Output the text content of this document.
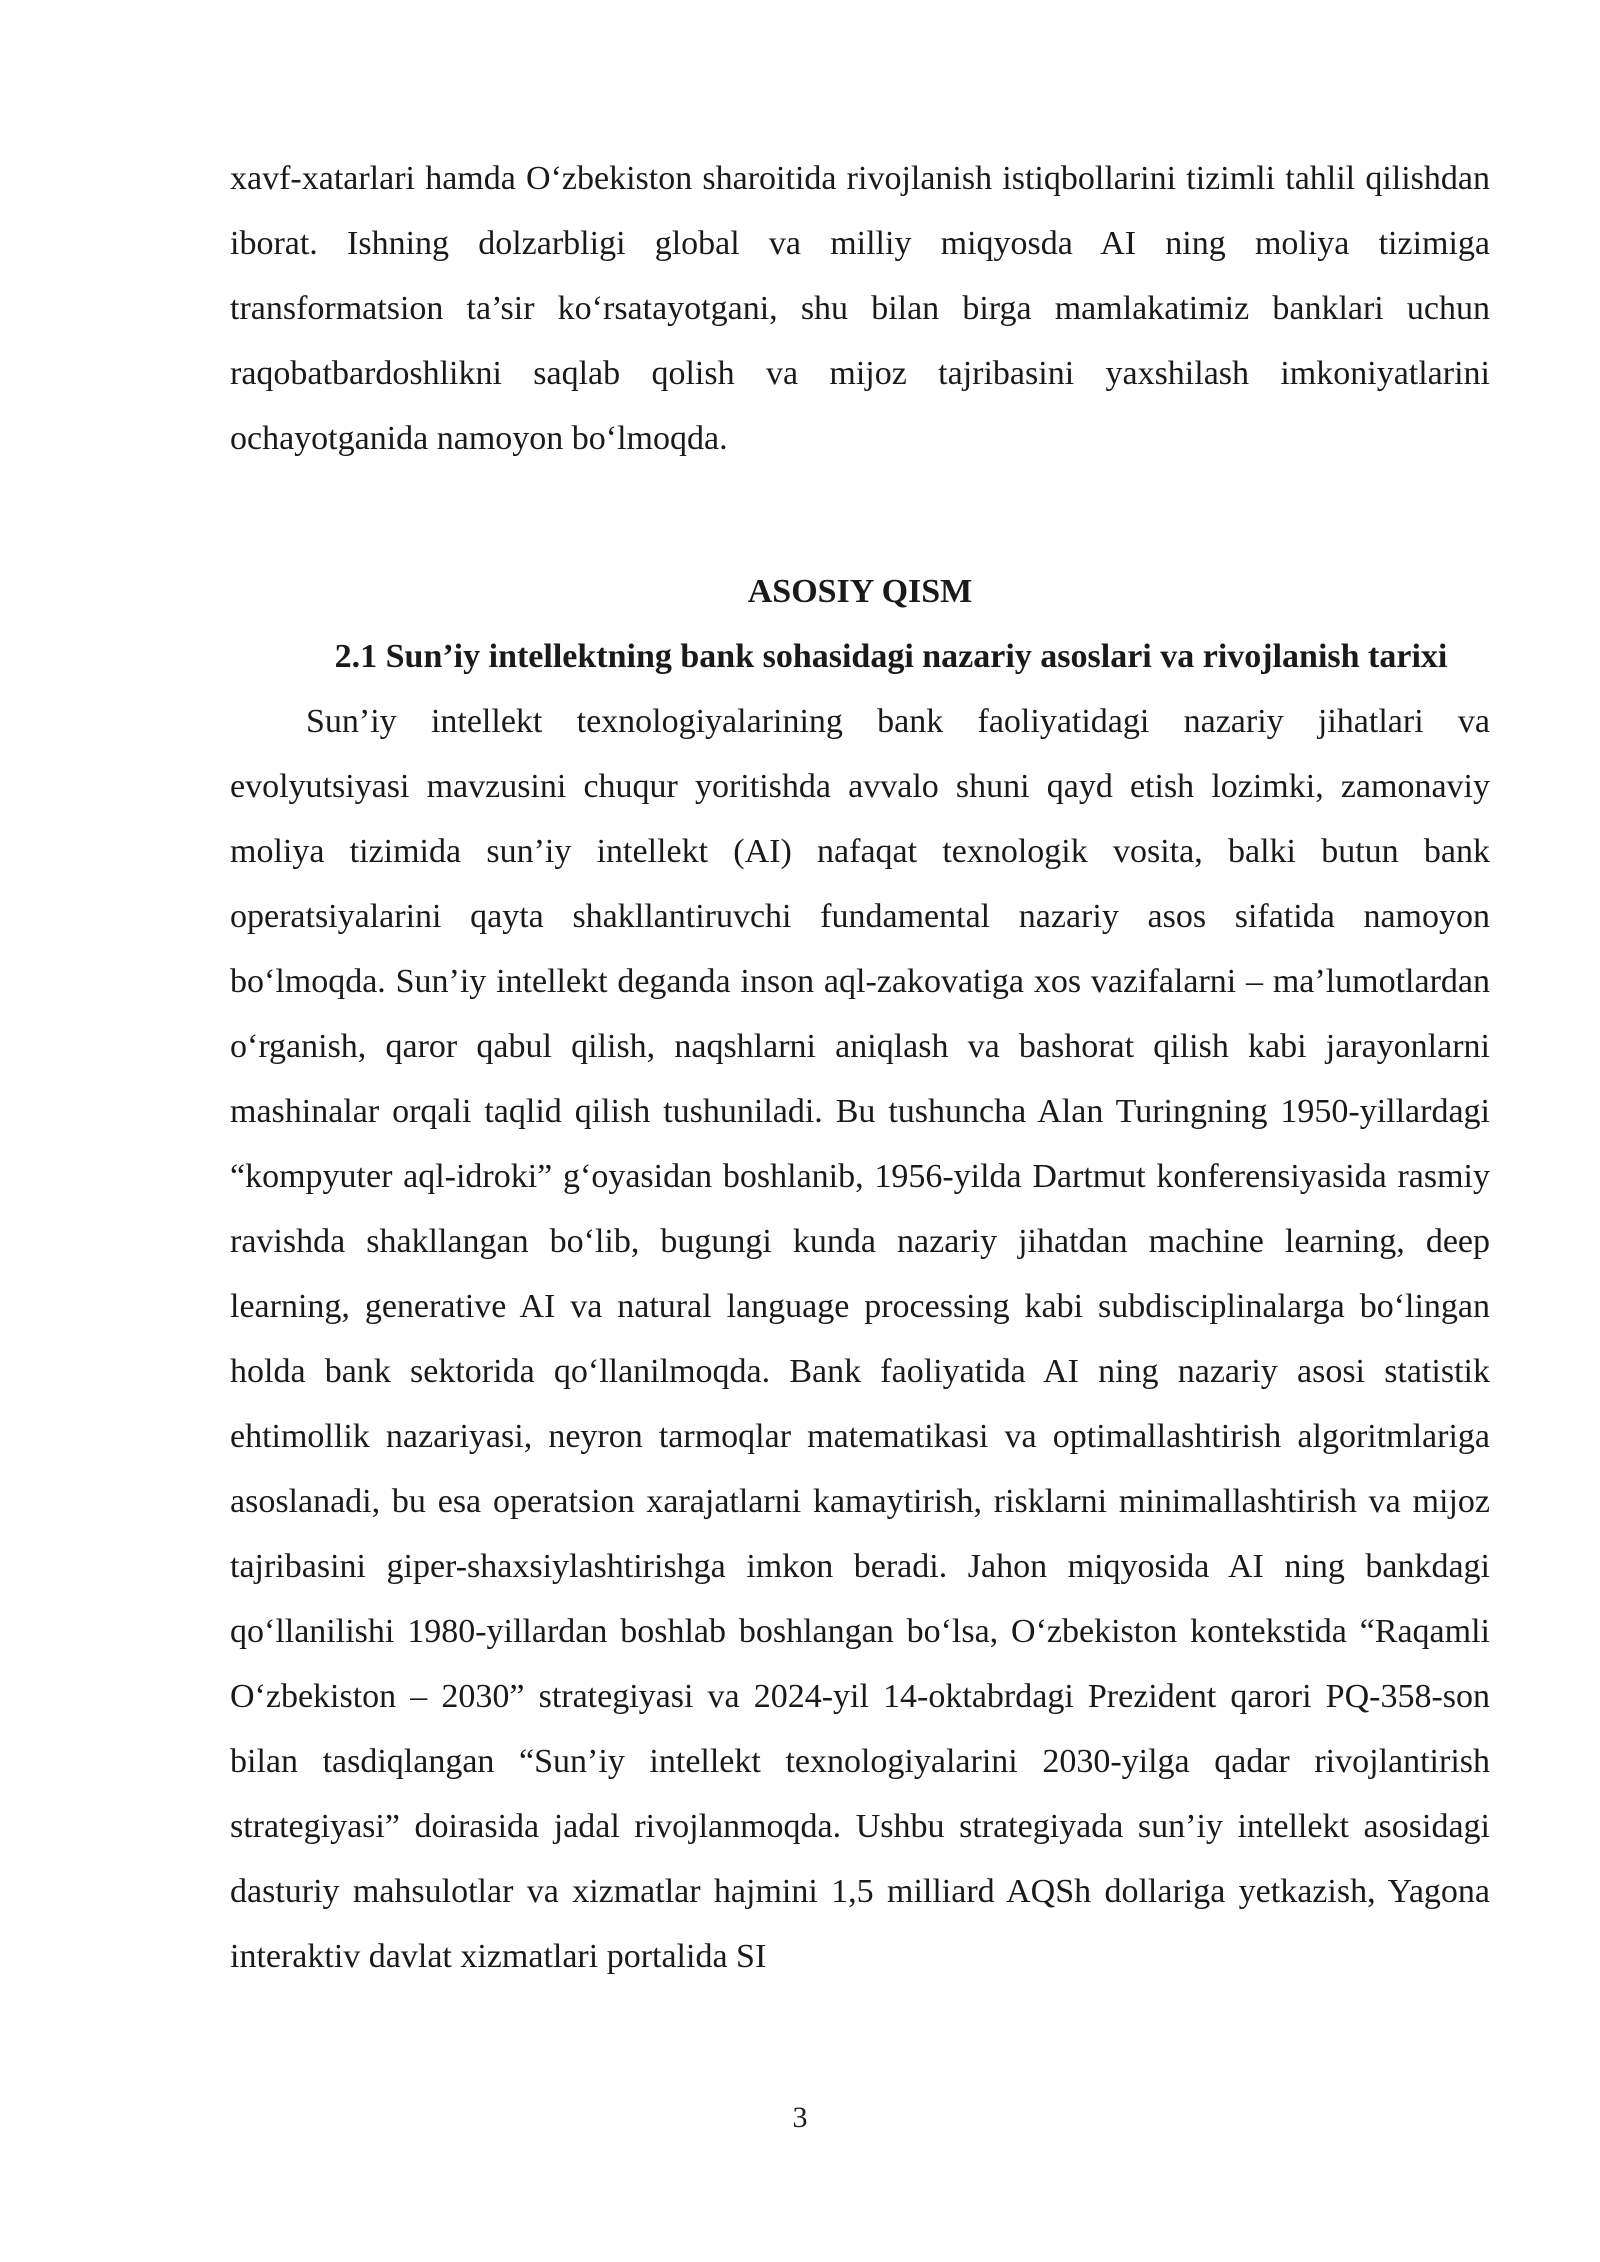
xavf-xatarlari hamda O‘zbekiston sharoitida rivojlanish istiqbollarini tizimli tahlil qilishdan iborat. Ishning dolzarbligi global va milliy miqyosda AI ning moliya tizimiga transformatsion ta’sir ko‘rsatayotgani, shu bilan birga mamlakatimiz banklari uchun raqobatbardoshlikni saqlab qolish va mijoz tajribasini yaxshilash imkoniyatlarini ochayotganida namoyon bo‘lmoqda.

ASOSIY QISM
2.1 Sun’iy intellektning bank sohasidagi nazariy asoslari va rivojlanish tarixi

Sun’iy intellekt texnologiyalarining bank faoliyatidagi nazariy jihatlari va evolyutsiyasi mavzusini chuqur yoritishda avvalo shuni qayd etish lozimki, zamonaviy moliya tizimida sun’iy intellekt (AI) nafaqat texnologik vosita, balki butun bank operatsiyalarini qayta shakllantiruvchi fundamental nazariy asos sifatida namoyon bo‘lmoqda. Sun’iy intellekt deganda inson aql-zakovatiga xos vazifalarni – ma’lumotlardan o‘rganish, qaror qabul qilish, naqshlarni aniqlash va bashorat qilish kabi jarayonlarni mashinalar orqali taqlid qilish tushuniladi. Bu tushuncha Alan Turingning 1950-yillardagi “kompyuter aql-idroki” g‘oyasidan boshlanib, 1956-yilda Dartmut konferensiyasida rasmiy ravishda shakllangan bo‘lib, bugungi kunda nazariy jihatdan machine learning, deep learning, generative AI va natural language processing kabi subdisciplinalarga bo‘lingan holda bank sektorida qo‘llanilmoqda. Bank faoliyatida AI ning nazariy asosi statistik ehtimollik nazariyasi, neyron tarmoqlar matematikasi va optimallashtirish algoritmlariga asoslanadi, bu esa operatsion xarajatlarni kamaytirish, risklarni minimallashtirish va mijoz tajribasini giper-shaxsiylashtirishga imkon beradi. Jahon miqyosida AI ning bankdagi qo‘llanilishi 1980-yillardan boshlab boshlangan bo‘lsa, O‘zbekiston kontekstida “Raqamli O‘zbekiston – 2030” strategiyasi va 2024-yil 14-oktabrdagi Prezident qarori PQ-358-son bilan tasdiqlangan “Sun’iy intellekt texnologiyalarini 2030-yilga qadar rivojlantirish strategiyasi” doirasida jadal rivojlanmoqda. Ushbu strategiyada sun’iy intellekt asosidagi dasturiy mahsulotlar va xizmatlar hajmini 1,5 milliard AQSh dollariga yetkazish, Yagona interaktiv davlat xizmatlari portalida SI

3
